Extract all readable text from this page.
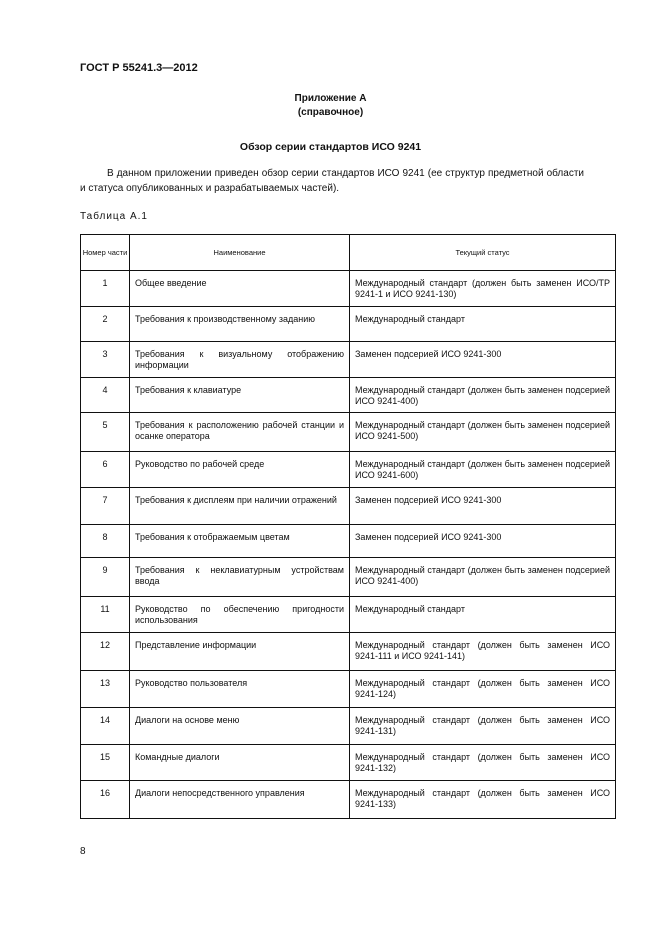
ГОСТ Р 55241.3—2012
Приложение А
(справочное)
Обзор серии стандартов ИСО 9241

В данном приложении приведен обзор серии стандартов ИСО 9241 (ее структур предметной области и статуса опубликованных и разрабатываемых частей).

Таблица А.1
Номер части	Наименование	Текущий статус
1	Общее введение	Международный стандарт (должен быть заменен ИСО/ТР 9241-1 и ИСО 9241-130)
2	Требования к производственному заданию	Международный стандарт
3	Требования к визуальному отображению информации	Заменен подсерией ИСО 9241-300
4	Требования к клавиатуре	Международный стандарт (должен быть заменен подсерией ИСО 9241-400)
5	Требования к расположению рабочей станции и осанке оператора	Международный стандарт (должен быть заменен подсерией ИСО 9241-500)
6	Руководство по рабочей среде	Международный стандарт (должен быть заменен подсерией ИСО 9241-600)
7	Требования к дисплеям при наличии отражений	Заменен подсерией ИСО 9241-300
8	Требования к отображаемым цветам	Заменен подсерией ИСО 9241-300
9	Требования к неклавиатурным устройствам ввода	Международный стандарт (должен быть заменен подсерией ИСО 9241-400)
11	Руководство по обеспечению пригодности использования	Международный стандарт
12	Представление информации	Международный стандарт (должен быть заменен ИСО 9241-111 и ИСО 9241-141)
13	Руководство пользователя	Международный стандарт (должен быть заменен ИСО 9241-124)
14	Диалоги на основе меню	Международный стандарт (должен быть заменен ИСО 9241-131)
15	Командные диалоги	Международный стандарт (должен быть заменен ИСО 9241-132)
16	Диалоги непосредственного управления	Международный стандарт (должен быть заменен ИСО 9241-133)
8
